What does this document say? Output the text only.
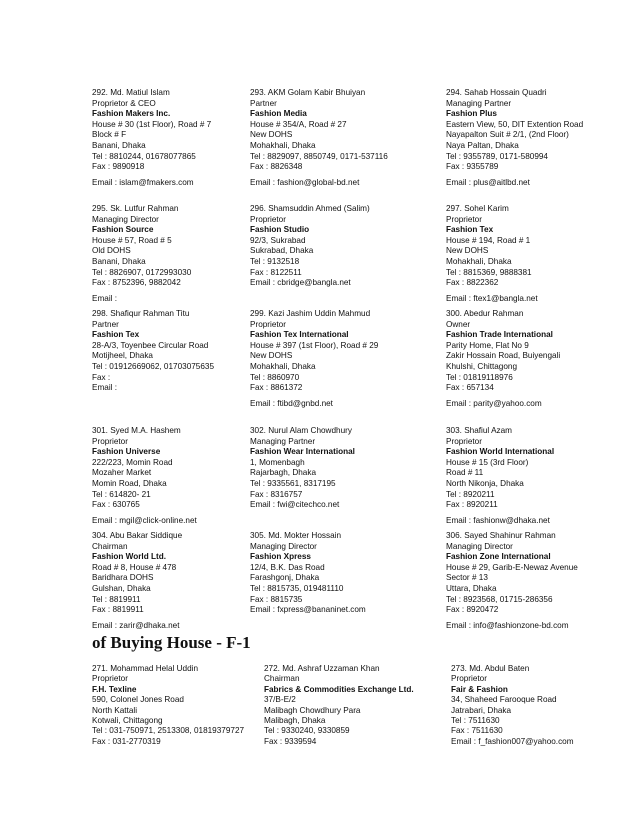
292. Md. Matiul Islam
Proprietor & CEO
Fashion Makers Inc.
House # 30 (1st Floor), Road # 7
Block # F
Banani, Dhaka
Tel : 8810244, 01678077865
Fax : 9890918
Email : islam@fmakers.com
293. AKM Golam Kabir Bhuiyan
Partner
Fashion Media
House # 354/A, Road # 27
New DOHS
Mohakhali, Dhaka
Tel : 8829097, 8850749, 0171-537116
Fax : 8826348
Email : fashion@global-bd.net
294. Sahab Hossain Quadri
Managing Partner
Fashion Plus
Eastern View, 50, DIT Extention Road
Nayapalton Suit # 2/1, (2nd Floor)
Naya Paltan, Dhaka
Tel : 9355789, 0171-580994
Fax : 9355789
Email : plus@aitlbd.net
295. Sk. Lutfur Rahman
Managing Director
Fashion Source
House # 57, Road # 5
Old DOHS
Banani, Dhaka
Tel : 8826907, 0172993030
Fax : 8752396, 9882042
Email :
296. Shamsuddin Ahmed (Salim)
Proprietor
Fashion Studio
92/3, Sukrabad
Sukrabad, Dhaka
Tel : 9132518
Fax : 8122511
Email : cbridge@bangla.net
297. Sohel Karim
Proprietor
Fashion Tex
House # 194, Road # 1
New DOHS
Mohakhali, Dhaka
Tel : 8815369, 9888381
Fax : 8822362
Email : ftex1@bangla.net
298. Shafiqur Rahman Titu
Partner
Fashion Tex
28-A/3, Toyenbee Circular Road
Motijheel, Dhaka
Tel : 01912669062, 01703075635
Fax :
Email :
299. Kazi Jashim Uddin Mahmud
Proprietor
Fashion Tex International
House # 397 (1st Floor), Road # 29
New DOHS
Mohakhali, Dhaka
Tel : 8860970
Fax : 8861372
Email : ftibd@gnbd.net
300. Abedur Rahman
Owner
Fashion Trade International
Parity Home, Flat No 9
Zakir Hossain Road, Buiyengali
Khulshi, Chittagong
Tel : 01819118976
Fax : 657134
Email : parity@yahoo.com
301. Syed M.A. Hashem
Proprietor
Fashion Universe
222/223, Momin Road
Mozaher Market
Momin Road, Dhaka
Tel : 614820- 21
Fax : 630765
Email : mgil@click-online.net
302. Nurul Alam Chowdhury
Managing Partner
Fashion Wear International
1, Momenbagh
Rajarbagh, Dhaka
Tel : 9335561, 8317195
Fax : 8316757
Email : fwi@citechco.net
303. Shafiul Azam
Proprietor
Fashion World International
House # 15 (3rd Floor)
Road # 11
North Nikonja, Dhaka
Tel : 8920211
Fax : 8920211
Email : fashionw@dhaka.net
304. Abu Bakar Siddique
Chairman
Fashion World Ltd.
Road # 8, House # 478
Baridhara DOHS
Gulshan, Dhaka
Tel : 8819911
Fax : 8819911
Email : zarir@dhaka.net
305. Md. Mokter Hossain
Managing Director
Fashion Xpress
12/4, B.K. Das Road
Farashgonj, Dhaka
Tel : 8815735, 019481110
Fax : 8815735
Email : fxpress@bananinet.com
306. Sayed Shahinur Rahman
Managing Director
Fashion Zone International
House # 29, Garib-E-Newaz Avenue
Sector # 13
Uttara, Dhaka
Tel : 8923568, 01715-286356
Fax : 8920472
Email : info@fashionzone-bd.com
of Buying House - F-1
271. Mohammad Helal Uddin
Proprietor
F.H. Texline
590, Colonel Jones Road
North Kattali
Kotwali, Chittagong
Tel : 031-750971, 2513308, 01819379727
Fax : 031-2770319
272. Md. Ashraf Uzzaman Khan
Chairman
Fabrics & Commodities Exchange Ltd.
37/B-E/2
Malibagh Chowdhury Para
Malibagh, Dhaka
Tel : 9330240, 9330859
Fax : 9339594
273. Md. Abdul Baten
Proprietor
Fair & Fashion
34, Shaheed Farooque Road
Jatrabari, Dhaka
Tel : 7511630
Fax : 7511630
Email : f_fashion007@yahoo.com
